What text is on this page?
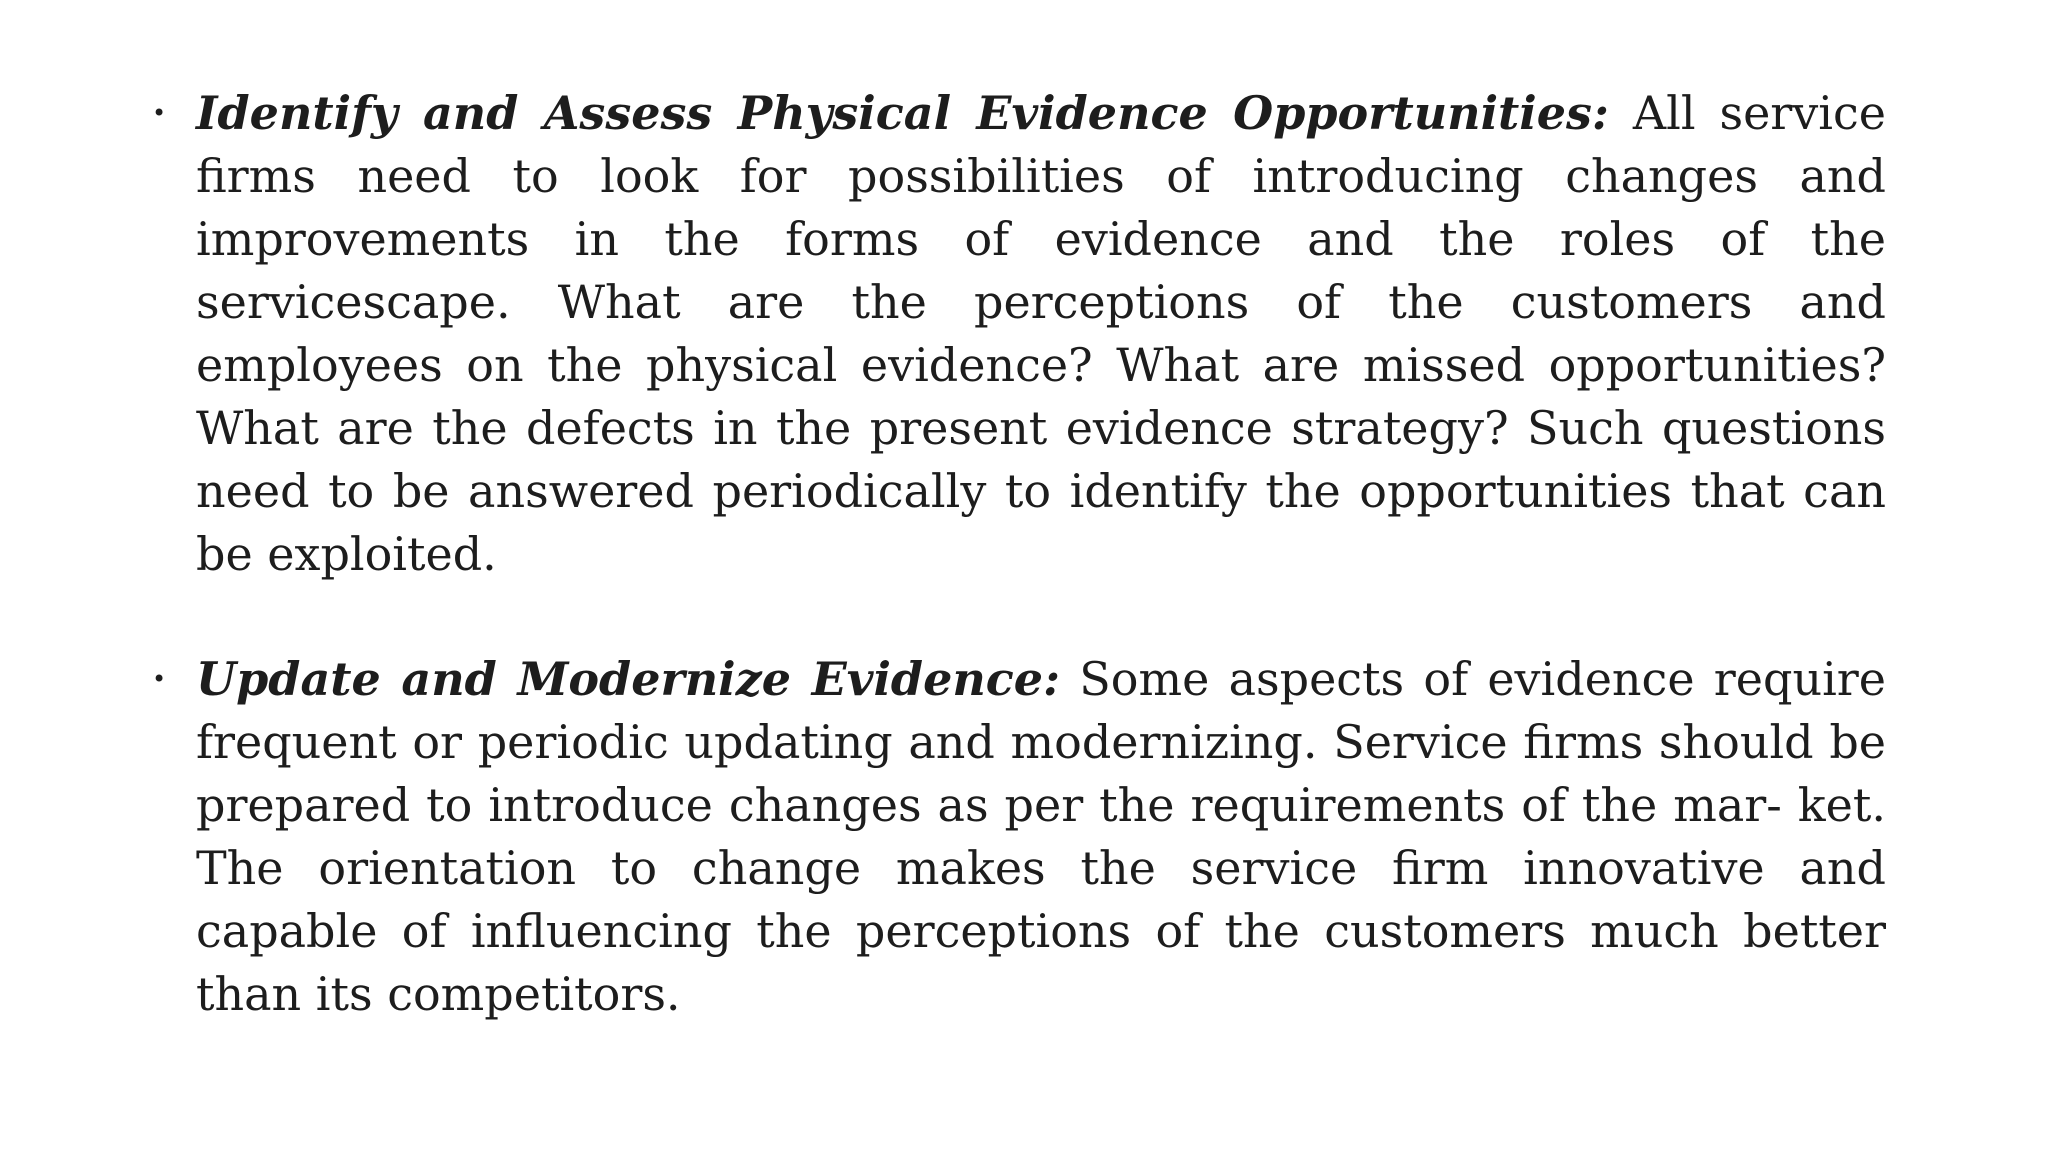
• Identify and Assess Physical Evidence Opportunities: All service firms need to look for possibilities of introducing changes and improvements in the forms of evidence and the roles of the servicescape. What are the perceptions of the customers and employees on the physical evidence? What are missed opportunities? What are the defects in the present evidence strategy? Such questions need to be answered periodically to identify the opportunities that can be exploited.
• Update and Modernize Evidence: Some aspects of evidence require frequent or periodic updating and modernizing. Service firms should be prepared to introduce changes as per the requirements of the mar- ket. The orientation to change makes the service firm innovative and capable of influencing the perceptions of the customers much better than its competitors.
